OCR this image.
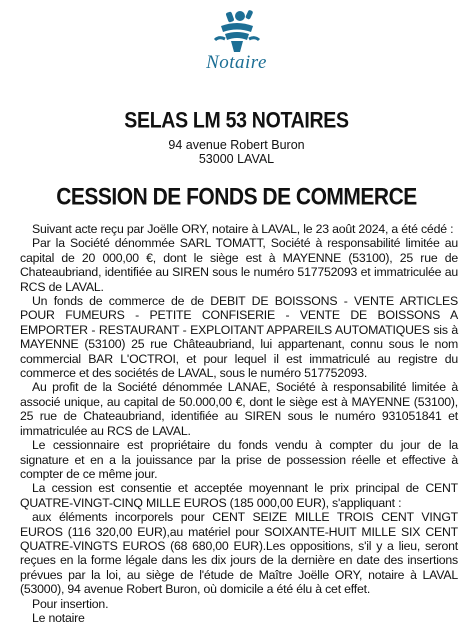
Notaire
SELAS LM 53 NOTAIRES
94 avenue Robert Buron
53000 LAVAL
CESSION DE FONDS DE COMMERCE

Suivant acte reçu par Joëlle ORY, notaire à LAVAL, le 23 août 2024, a été cédé :

Par la Société dénommée SARL TOMATT, Société à responsabilité limitée au capital de 20 000,00 €, dont le siège est à MAYENNE (53100), 25 rue de Chateaubriand, identifiée au SIREN sous le numéro 517752093 et immatriculée au RCS de LAVAL.

Un fonds de commerce de de DEBIT DE BOISSONS - VENTE ARTICLES POUR FUMEURS - PETITE CONFISERIE - VENTE DE BOISSONS A EMPORTER - RESTAURANT - EXPLOITANT APPAREILS AUTOMATIQUES sis à MAYENNE (53100) 25 rue Châteaubriand, lui appartenant, connu sous le nom commercial BAR L'OCTROI, et pour lequel il est immatriculé au registre du commerce et des sociétés de LAVAL, sous le numéro 517752093.

Au profit de la Société dénommée LANAE, Société à responsabilité limitée à associé unique, au capital de 50.000,00 €, dont le siège est à MAYENNE (53100), 25 rue de Chateaubriand, identifiée au SIREN sous le numéro 931051841 et immatriculée au RCS de LAVAL.

Le cessionnaire est propriétaire du fonds vendu à compter du jour de la signature et en a la jouissance par la prise de possession réelle et effective à compter de ce même jour.

La cession est consentie et acceptée moyennant le prix principal de CENT QUATRE-VINGT-CINQ MILLE EUROS (185 000,00 EUR), s'appliquant :

aux éléments incorporels pour CENT SEIZE MILLE TROIS CENT VINGT EUROS (116 320,00 EUR),au matériel pour SOIXANTE-HUIT MILLE SIX CENT QUATRE-VINGTS EUROS (68 680,00 EUR).Les oppositions, s'il y a lieu, seront reçues en la forme légale dans les dix jours de la dernière en date des insertions prévues par la loi, au siège de l'étude de Maître Joëlle ORY, notaire à LAVAL (53000), 94 avenue Robert Buron, où domicile a été élu à cet effet.

Pour insertion.

Le notaire
